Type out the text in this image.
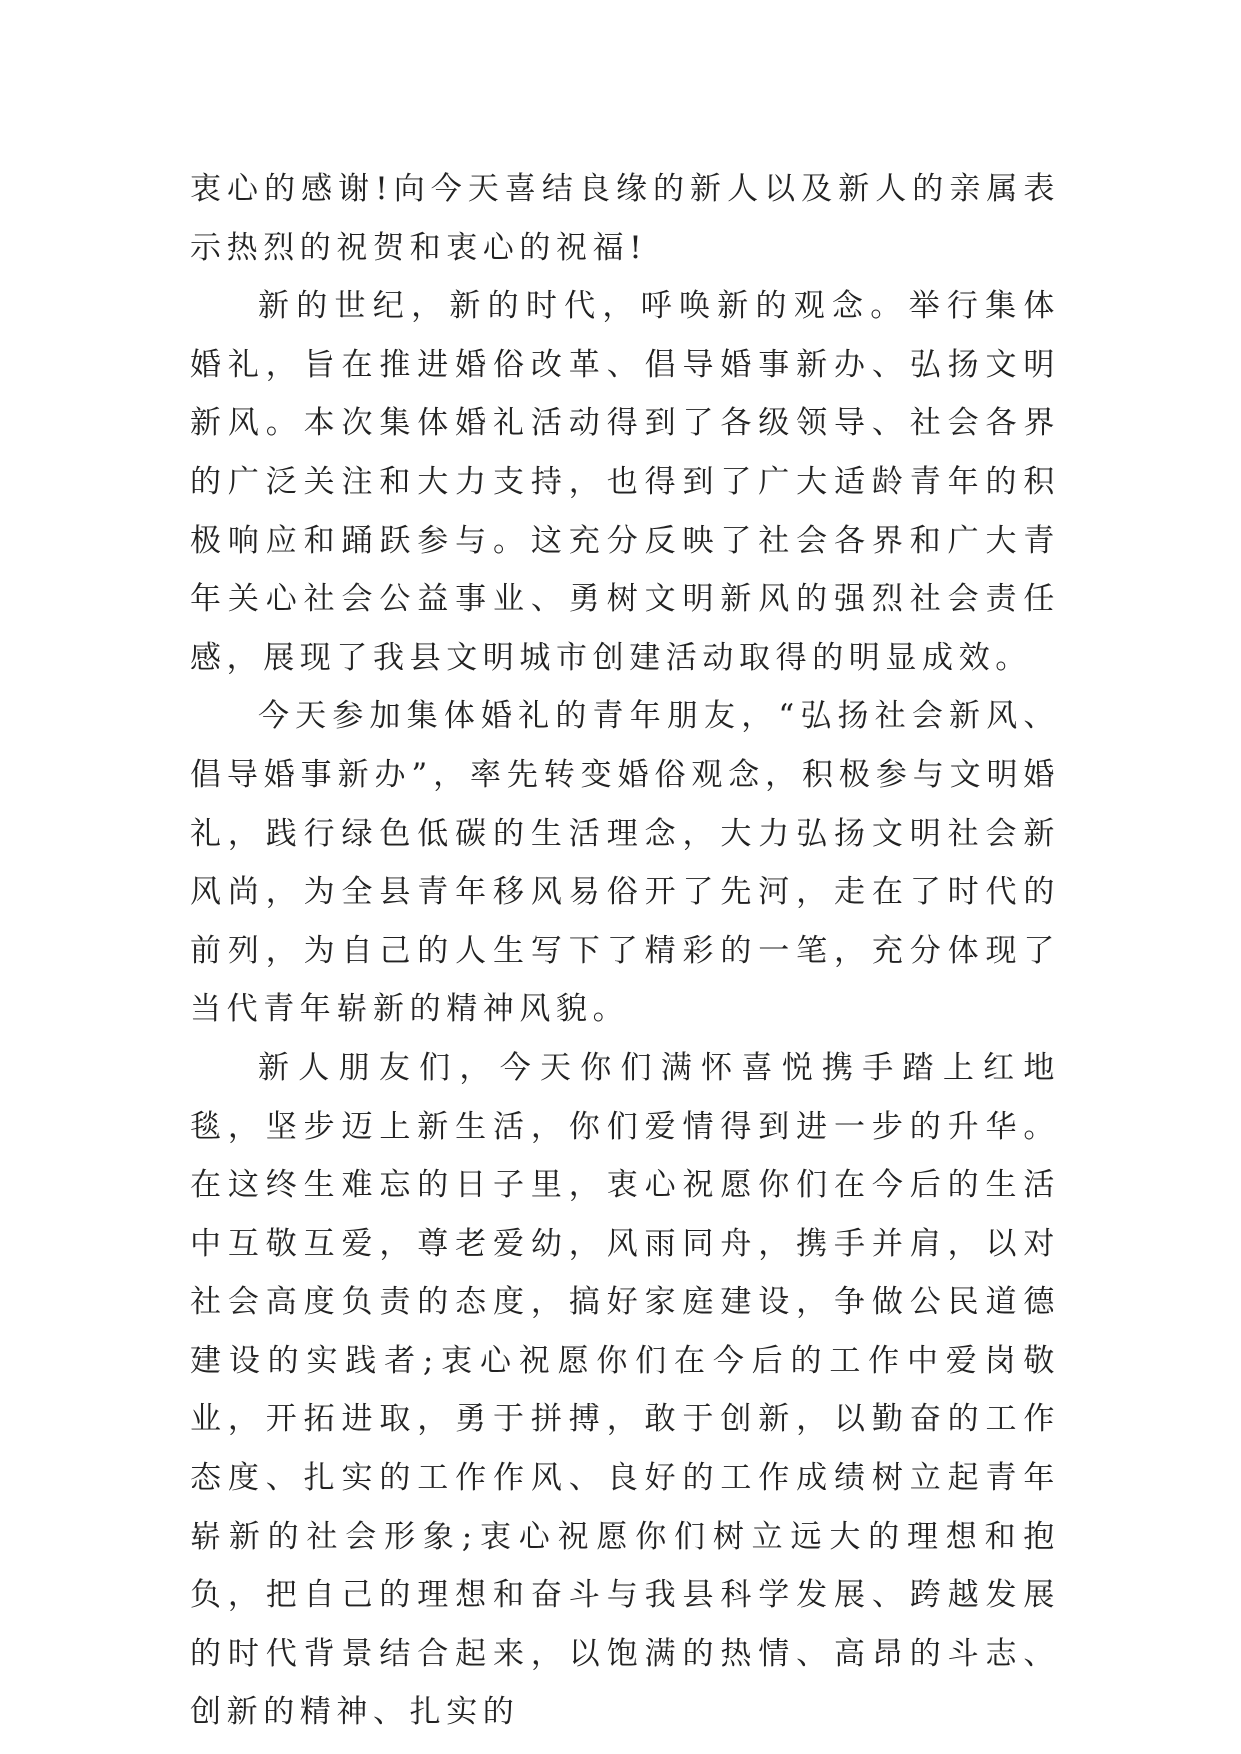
衷心的感谢!向今天喜结良缘的新人以及新人的亲属表示热烈的祝贺和衷心的祝福!

新的世纪，新的时代，呼唤新的观念。举行集体婚礼，旨在推进婚俗改革、倡导婚事新办、弘扬文明新风。本次集体婚礼活动得到了各级领导、社会各界的广泛关注和大力支持，也得到了广大适龄青年的积极响应和踊跃参与。这充分反映了社会各界和广大青年关心社会公益事业、勇树文明新风的强烈社会责任感，展现了我县文明城市创建活动取得的明显成效。

今天参加集体婚礼的青年朋友，“弘扬社会新风、倡导婚事新办”，率先转变婚俗观念，积极参与文明婚礼，践行绿色低碳的生活理念，大力弘扬文明社会新风尚，为全县青年移风易俗开了先河，走在了时代的前列，为自己的人生写下了精彩的一笔，充分体现了当代青年崭新的精神风貌。

新人朋友们，今天你们满怀喜悦携手踏上红地毯，坚步迈上新生活，你们爱情得到进一步的升华。在这终生难忘的日子里，衷心祝愿你们在今后的生活中互敬互爱，尊老爱幼，风雨同舟，携手并肩，以对社会高度负责的态度，搞好家庭建设，争做公民道德建设的实践者;衷心祝愿你们在今后的工作中爱岗敬业，开拓进取，勇于拼搏，敢于创新，以勤奋的工作态度、扎实的工作作风、良好的工作成绩树立起青年崭新的社会形象;衷心祝愿你们树立远大的理想和抱负，把自己的理想和奋斗与我县科学发展、跨越发展的时代背景结合起来，以饱满的热情、高昂的斗志、创新的精神、扎实的
